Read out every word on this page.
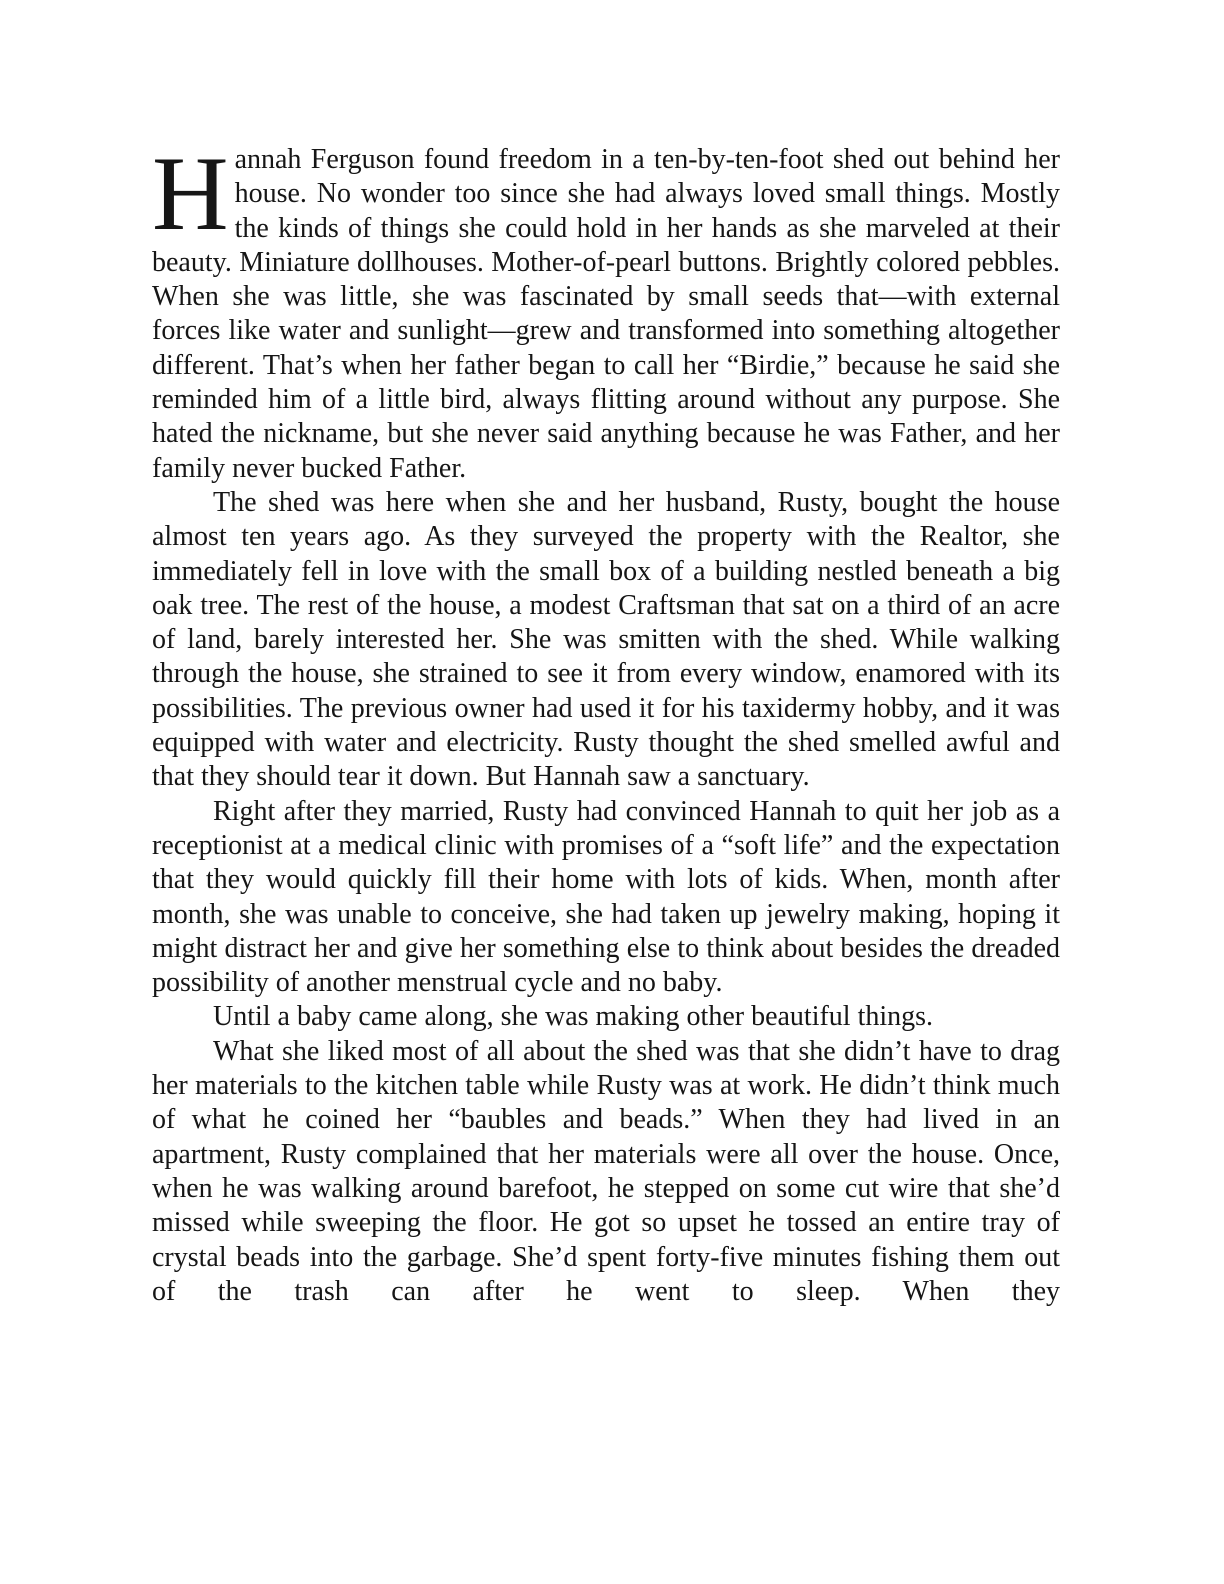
Hannah Ferguson found freedom in a ten-by-ten-foot shed out behind her house. No wonder too since she had always loved small things. Mostly the kinds of things she could hold in her hands as she marveled at their beauty. Miniature dollhouses. Mother-of-pearl buttons. Brightly colored pebbles. When she was little, she was fascinated by small seeds that—with external forces like water and sunlight—grew and transformed into something altogether different. That’s when her father began to call her “Birdie,” because he said she reminded him of a little bird, always flitting around without any purpose. She hated the nickname, but she never said anything because he was Father, and her family never bucked Father.

The shed was here when she and her husband, Rusty, bought the house almost ten years ago. As they surveyed the property with the Realtor, she immediately fell in love with the small box of a building nestled beneath a big oak tree. The rest of the house, a modest Craftsman that sat on a third of an acre of land, barely interested her. She was smitten with the shed. While walking through the house, she strained to see it from every window, enamored with its possibilities. The previous owner had used it for his taxidermy hobby, and it was equipped with water and electricity. Rusty thought the shed smelled awful and that they should tear it down. But Hannah saw a sanctuary.

Right after they married, Rusty had convinced Hannah to quit her job as a receptionist at a medical clinic with promises of a “soft life” and the expectation that they would quickly fill their home with lots of kids. When, month after month, she was unable to conceive, she had taken up jewelry making, hoping it might distract her and give her something else to think about besides the dreaded possibility of another menstrual cycle and no baby.

Until a baby came along, she was making other beautiful things.

What she liked most of all about the shed was that she didn’t have to drag her materials to the kitchen table while Rusty was at work. He didn’t think much of what he coined her “baubles and beads.” When they had lived in an apartment, Rusty complained that her materials were all over the house. Once, when he was walking around barefoot, he stepped on some cut wire that she’d missed while sweeping the floor. He got so upset he tossed an entire tray of crystal beads into the garbage. She’d spent forty-five minutes fishing them out of the trash can after he went to sleep. When they
